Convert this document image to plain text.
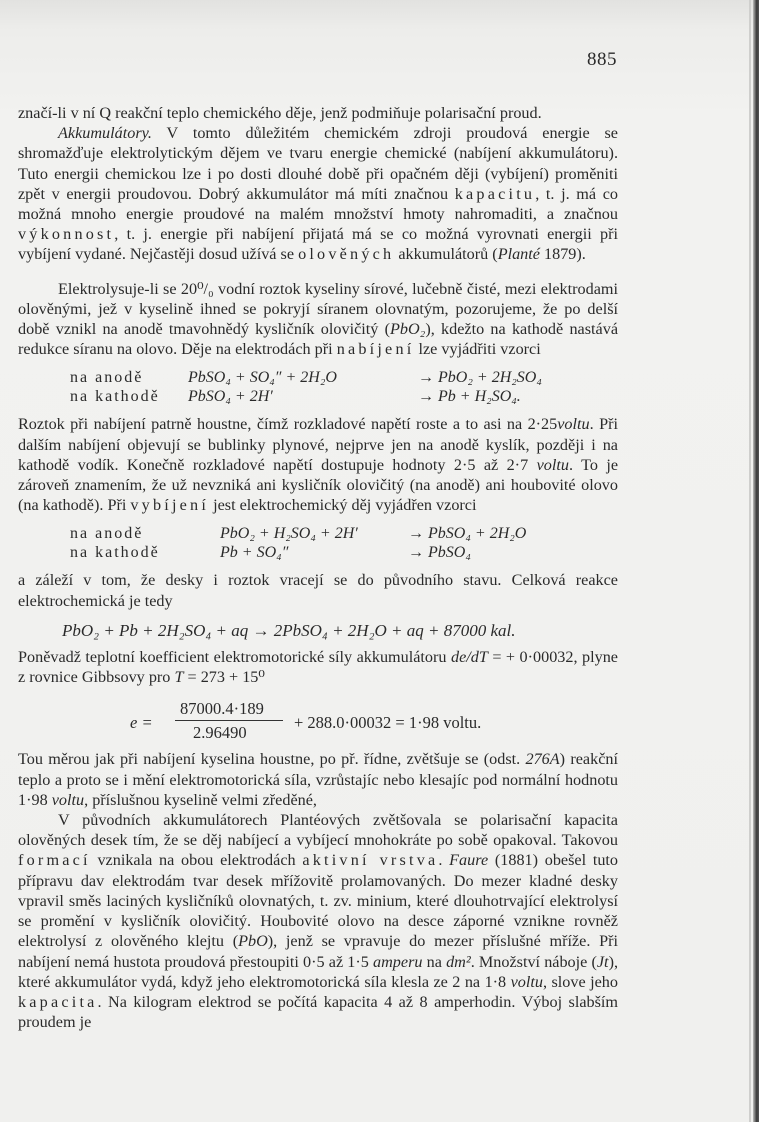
885

značí-li v ní Q reakční teplo chemického děje, jenž podmiňuje polarisační proud.

Akkumulátory. V tomto důležitém chemickém zdroji proudová energie se shromažďuje elektrolytickým dějem ve tvaru energie chemické (nabíjení akkumulátoru). Tuto energii chemickou lze i po dosti dlouhé době při opačném ději (vybíjení) proměniti zpět v energii proudovou. Dobrý akkumulátor má míti značnou kapacitu, t. j. má co možná mnoho energie proudové na malém množství hmoty nahromaditi, a značnou výkonnost, t. j. energie při nabíjení přijatá má se co možná vyrovnati energii při vybíjení vydané. Nejčastěji dosud užívá se olověných akkumulátorů (Planté 1879).

Elektrolysuje-li se 20⁰/₀ vodní roztok kyseliny sírové, lučebně čisté, mezi elektrodami olověnými, jež v kyselině ihned se pokryjí síranem olovnatým, pozorujeme, že po delší době vznikl na anodě tmavohnědý kysličník olovičitý (PbO₂), kdežto na kathodě nastává redukce síranu na olovo. Děje na elektrodách při nabíjení lze vyjádřiti vzorci

na anodě	PbSO₄ + SO₄″ + 2H₂O	→ PbO₂ + 2H₂SO₄
na kathodě PbSO₄ + 2H′	→ Pb + H₂SO₄.

Roztok při nabíjení patrně houstne, čímž rozkladové napětí roste a to asi na 2·25voltu. Při dalším nabíjení objevují se bublinky plynové, nejprve jen na anodě kyslík, později i na kathodě vodík. Konečně rozkladové napětí dostupuje hodnoty 2·5 až 2·7 voltu. To je zároveň znamením, že už nevzniká ani kysličník olovičitý (na anodě) ani houbovité olovo (na kathodě). Při vybíjení jest elektrochemický děj vyjádřen vzorci

na anodě	PbO₂ + H₂SO₄ + 2H′	→ PbSO₄ + 2H₂O
na kathodě	Pb + SO₄″	→ PbSO₄

a záleží v tom, že desky i roztok vracejí se do původního stavu. Celková reakce elektrochemická je tedy

PbO₂ + Pb + 2H₂SO₄ + aq → 2PbSO₄ + 2H₂O + aq + 87000 kal.

Poněvadž teplotní koefficient elektromotorické síly akkumulátoru de/dT = + 0·00032, plyne z rovnice Gibbsovy pro T = 273 + 15⁰

e =
87000.4·189
2.96490
+ 288.0·00032 = 1·98 voltu.

Tou měrou jak při nabíjení kyselina houstne, po př. řídne, zvětšuje se (odst. 276A) reakční teplo a proto se i mění elektromotorická síla, vzrůstajíc nebo klesajíc pod normální hodnotu 1·98 voltu, příslušnou kyselině velmi zředěné,

V původních akkumulátorech Plantéových zvětšovala se polarisační kapacita olověných desek tím, že se děj nabíjecí a vybíjecí mnohokráte po sobě opakoval. Takovou formací vznikala na obou elektrodách aktivní vrstva. Faure (1881) obešel tuto přípravu dav elektrodám tvar desek mřížovitě prolamovaných. Do mezer kladné desky vpravil směs laciných kysličníků olovnatých, t. zv. minium, které dlouhotrvající elektrolysí se promění v kysličník olovičitý. Houbovité olovo na desce záporné vznikne rovněž elektrolysí z olověného klejtu (PbO), jenž se vpravuje do mezer příslušné mříže. Při nabíjení nemá hustota proudová přestoupiti 0·5 až 1·5 amperu na dm². Množství náboje (Jt), které akkumulátor vydá, když jeho elektromotorická síla klesla ze 2 na 1·8 voltu, slove jeho kapacita. Na kilogram elektrod se počítá kapacita 4 až 8 amperhodin. Výboj slabším proudem je
